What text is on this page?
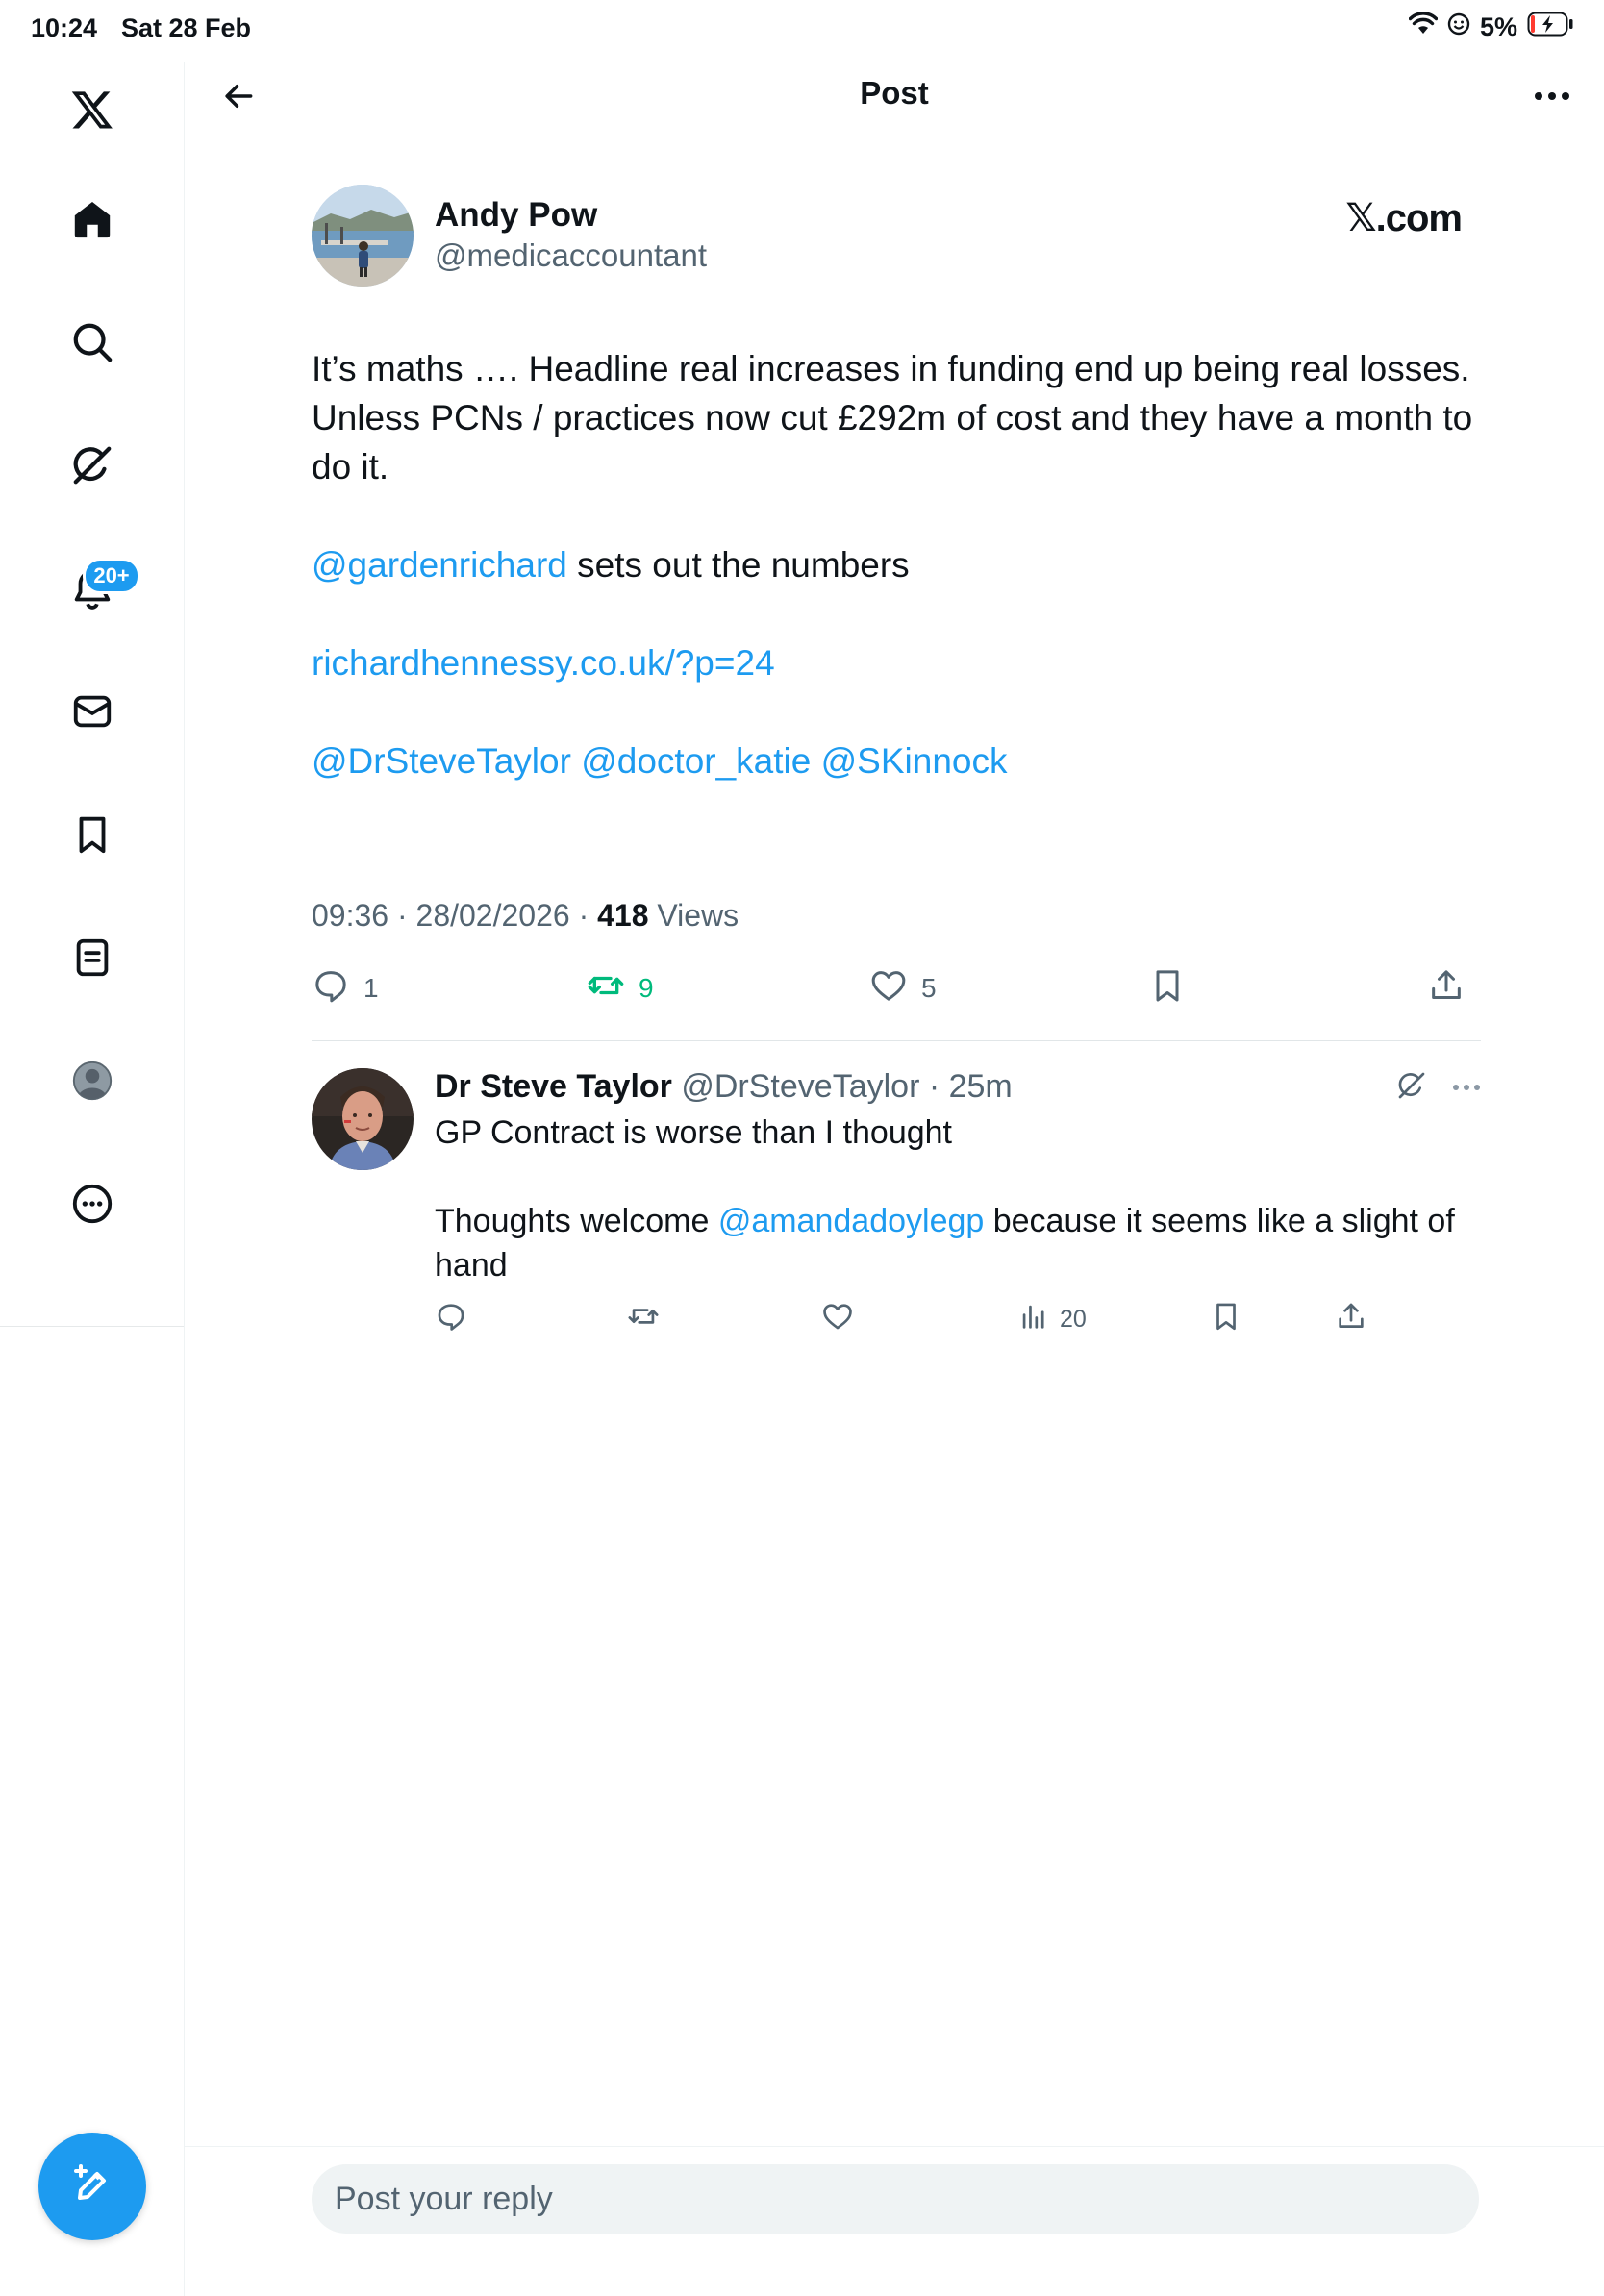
10:24 Sat 28 Feb	5%
20+
Post
Andy Pow
@medicaccountant
𝕏.com

It’s maths …. Headline real increases in funding end up being real losses. Unless PCNs / practices now cut £292m of cost and they have a month to do it.

@gardenrichard sets out the numbers

richardhennessy.co.uk/?p=24

@DrSteveTaylor @doctor_katie @SKinnock

09:36 · 28/02/2026 · 418 Views
1	9	5
Dr Steve Taylor @DrSteveTaylor · 25m

GP Contract is worse than I thought

Thoughts welcome @amandadoylegp because it seems like a slight of hand

20
Post your reply
